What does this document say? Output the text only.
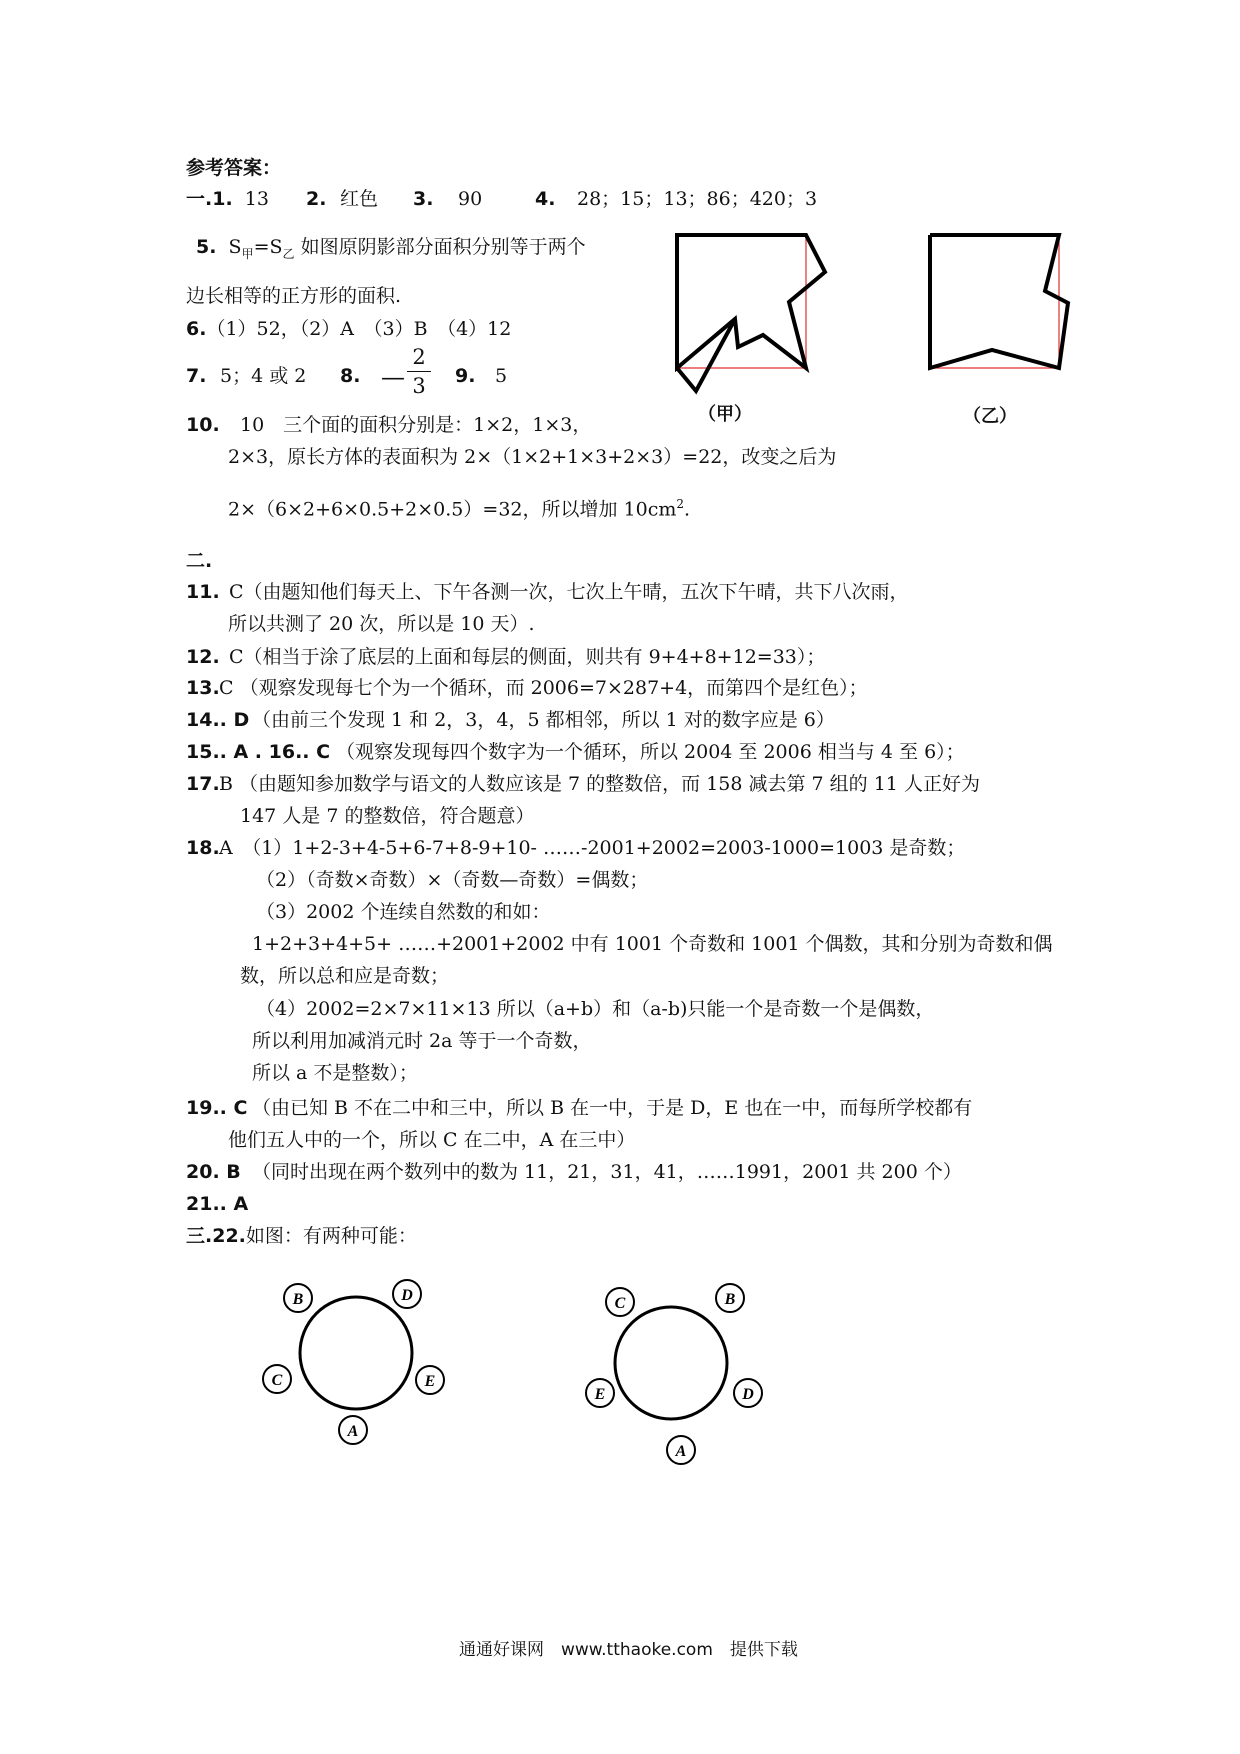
参考答案：
一.1. 13 2. 红色 3. 90	4. 28；15；13；86；420；3
5. $S_甲=S_乙$ 如图原阴影部分面积分别等于两个
边长相等的正方形的面积.
6.（1）52，（2）A　（3）B　（4）12
7. 5；4 或 2 8. —
2
3 9. 5
10. 10　三个面的面积分别是：1×2，1×3，
2×3，原长方体的表面积为 2×（1×2+1×3+2×3）=22，改变之后为
2×（6×2+6×0.5+2×0.5）=32，所以增加 $10cm^2$.
（甲）	（乙）
二.
11. C（由题知他们每天上、下午各测一次，七次上午晴，五次下午晴，共下八次雨，
所以共测了 20 次，所以是 10 天）.
12. C（相当于涂了底层的上面和每层的侧面，则共有 9+4+8+12=33）；
13. C （观察发现每七个为一个循环，而 2006=7×287+4，而第四个是红色）；
14.. D （由前三个发现 1 和 2，3，4，5 都相邻，所以 1 对的数字应是 6）
15.. A . 16.. C （观察发现每四个数字为一个循环，所以 2004 至 2006 相当与 4 至 6）；
17. B （由题知参加数学与语文的人数应该是 7 的整数倍，而 158 减去第 7 组的 11 人正好为
147 人是 7 的整数倍，符合题意）
18. A　（1）1+2-3+4-5+6-7+8-9+10- ……-2001+2002=2003-1000=1003 是奇数；
（2）（奇数×奇数）×（奇数—奇数）=偶数；
（3）2002 个连续自然数的和如：
1+2+3+4+5+ ……+2001+2002 中有 1001 个奇数和 1001 个偶数，其和分别为奇数和偶
数，所以总和应是奇数；
（4）2002=2×7×11×13 所以（a+b）和（a-b)只能一个是奇数一个是偶数，
所以利用加减消元时 2a 等于一个奇数，
所以 a 不是整数）；
19.. C （由已知 B 不在二中和三中，所以 B 在一中，于是 D，E 也在一中，而每所学校都有
他们五人中的一个，所以 C 在二中，A 在三中）
20. B （同时出现在两个数列中的数为 11，21，31，41，……1991，2001 共 200 个）
21.. A
三.22.如图：有两种可能：
B	D
C	E
A
C	B
E	D
A
通通好课网　www.tthaoke.com　提供下载
